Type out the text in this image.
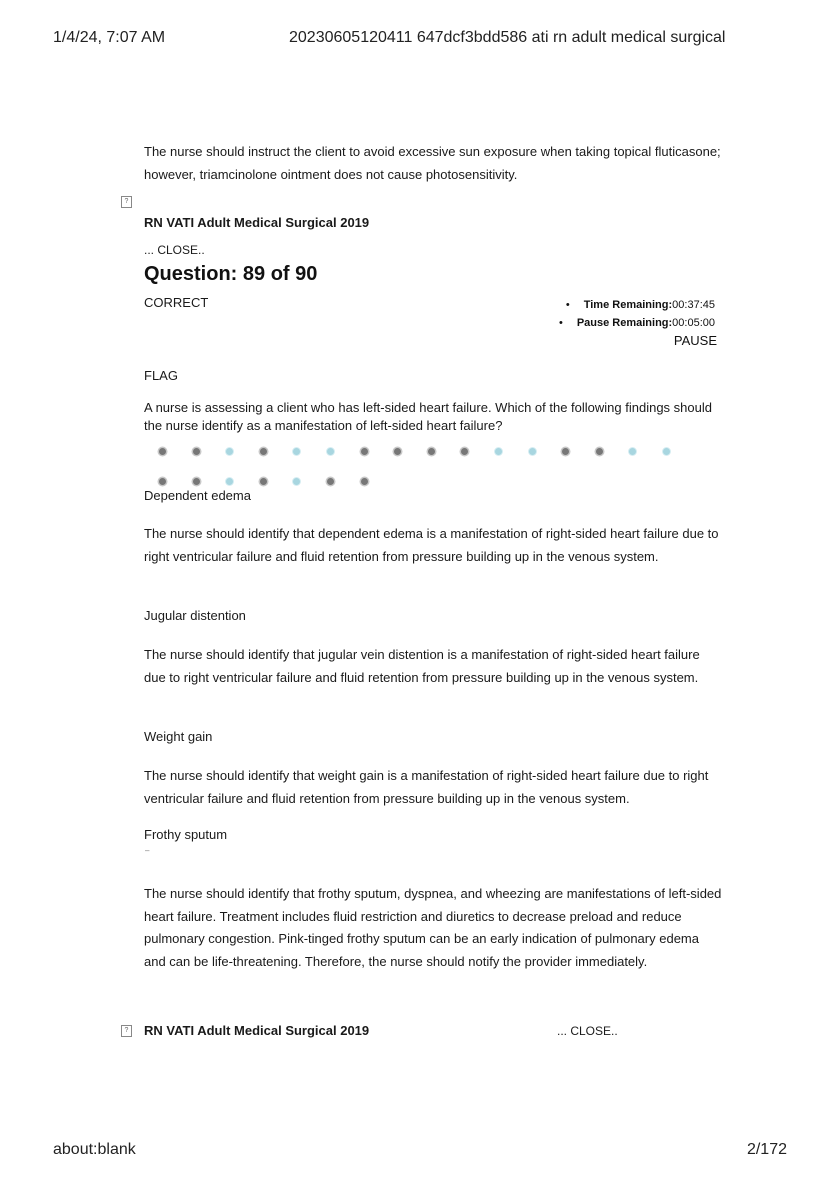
1/4/24, 7:07 AM	20230605120411 647dcf3bdd586 ati rn adult medical surgical
The nurse should instruct the client to avoid excessive sun exposure when taking topical fluticasone; however, triamcinolone ointment does not cause photosensitivity.
?
RN VATI Adult Medical Surgical 2019
... CLOSE..
Question: 89 of 90
CORRECT
•	Time Remaining:00:37:45
• Pause Remaining:00:05:00
PAUSE
FLAG
A nurse is assessing a client who has left-sided heart failure. Which of the following findings should the nurse identify as a manifestation of left-sided heart failure?
Dependent edema
The nurse should identify that dependent edema is a manifestation of right-sided heart failure due to right ventricular failure and fluid retention from pressure building up in the venous system.
Jugular distention
The nurse should identify that jugular vein distention is a manifestation of right-sided heart failure due to right ventricular failure and fluid retention from pressure building up in the venous system.
Weight gain
The nurse should identify that weight gain is a manifestation of right-sided heart failure due to right ventricular failure and fluid retention from pressure building up in the venous system.
Frothy sputum
–
The nurse should identify that frothy sputum, dyspnea, and wheezing are manifestations of left-sided heart failure. Treatment includes fluid restriction and diuretics to decrease preload and reduce pulmonary congestion. Pink-tinged frothy sputum can be an early indication of pulmonary edema and can be life-threatening. Therefore, the nurse should notify the provider immediately.
? RN VATI Adult Medical Surgical 2019	... CLOSE..
about:blank	2/172
